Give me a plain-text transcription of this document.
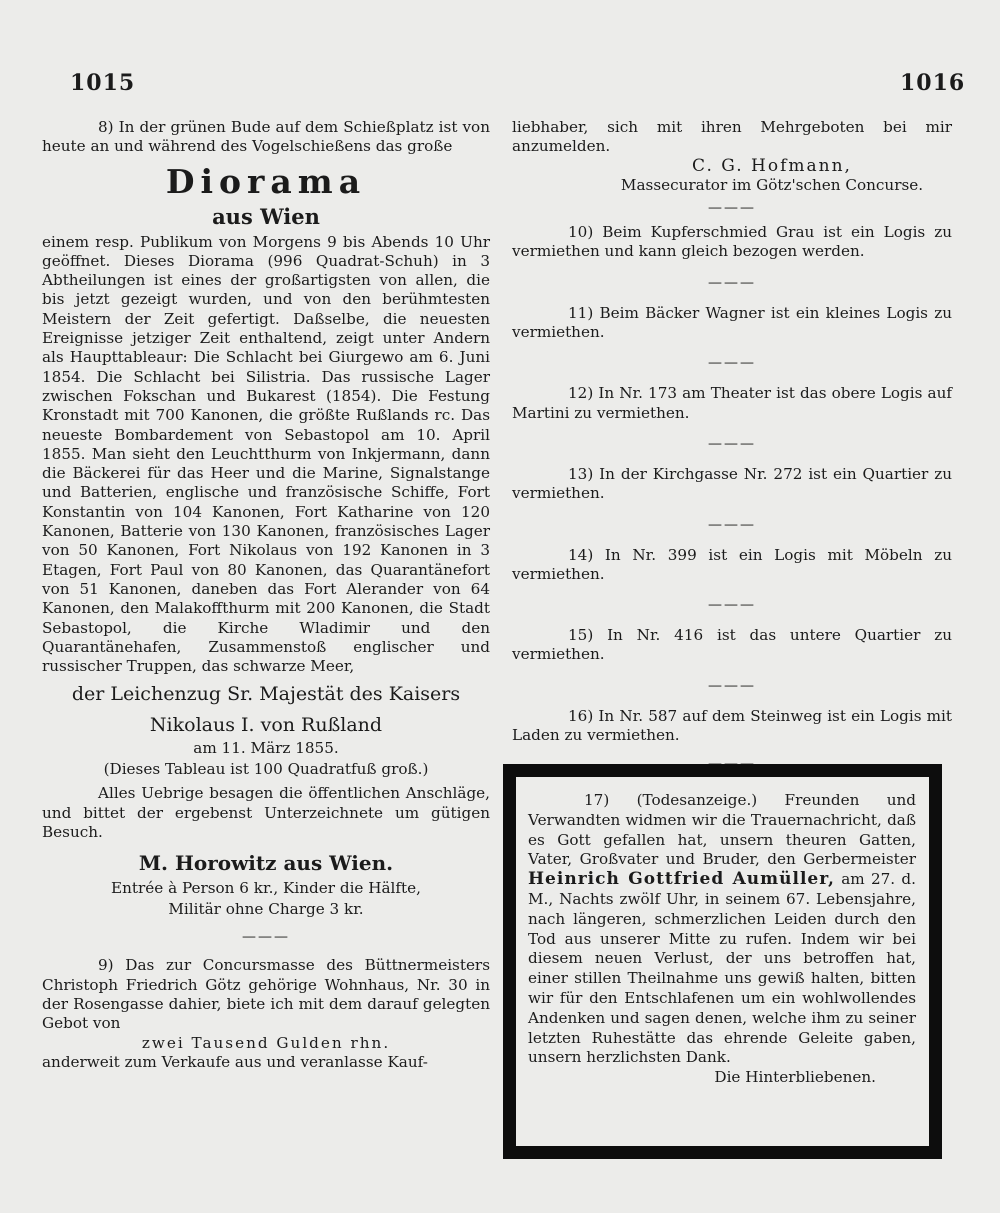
1015	1016

8) In der grünen Bude auf dem Schießplatz ist von heute an und während des Vogelschießens das große

Diorama

aus Wien

einem resp. Publikum von Morgens 9 bis Abends 10 Uhr geöffnet. Dieses Diorama (996 Quadrat-Schuh) in 3 Abtheilungen ist eines der großartigsten von allen, die bis jetzt gezeigt wurden, und von den berühmtesten Meistern der Zeit gefertigt. Daßselbe, die neuesten Ereignisse jetziger Zeit enthaltend, zeigt unter Andern als Haupttableaur: Die Schlacht bei Giurgewo am 6. Juni 1854. Die Schlacht bei Silistria. Das russische Lager zwischen Fokschan und Bukarest (1854). Die Festung Kronstadt mit 700 Kanonen, die größte Rußlands rc. Das neueste Bombardement von Sebastopol am 10. April 1855. Man sieht den Leuchtthurm von Inkjermann, dann die Bäckerei für das Heer und die Marine, Signalstange und Batterien, englische und französische Schiffe, Fort Konstantin von 104 Kanonen, Fort Katharine von 120 Kanonen, Batterie von 130 Kanonen, französisches Lager von 50 Kanonen, Fort Nikolaus von 192 Kanonen in 3 Etagen, Fort Paul von 80 Kanonen, das Quarantänefort von 51 Kanonen, daneben das Fort Alerander von 64 Kanonen, den Malakoffthurm mit 200 Kanonen, die Stadt Sebastopol, die Kirche Wladimir und den Quarantänehafen, Zusammenstoß englischer und russischer Truppen, das schwarze Meer,

der Leichenzug Sr. Majestät des Kaisers

Nikolaus I. von Rußland

am 11. März 1855.

(Dieses Tableau ist 100 Quadratfuß groß.)

Alles Uebrige besagen die öffentlichen Anschläge, und bittet der ergebenst Unterzeichnete um gütigen Besuch.

M. Horowitz aus Wien.

Entrée à Person 6 kr., Kinder die Hälfte,

Militär ohne Charge 3 kr.

———

9) Das zur Concursmasse des Büttnermeisters Christoph Friedrich Götz gehörige Wohnhaus, Nr. 30 in der Rosengasse dahier, biete ich mit dem darauf gelegten Gebot von

zwei Tausend Gulden rhn.

anderweit zum Verkaufe aus und veranlasse Kauf-

liebhaber, sich mit ihren Mehrgeboten bei mir anzumelden.

C. G. Hofmann,

Massecurator im Götz'schen Concurse.

———

10) Beim Kupferschmied Grau ist ein Logis zu vermiethen und kann gleich bezogen werden.

———

11) Beim Bäcker Wagner ist ein kleines Logis zu vermiethen.

———

12) In Nr. 173 am Theater ist das obere Logis auf Martini zu vermiethen.

———

13) In der Kirchgasse Nr. 272 ist ein Quartier zu vermiethen.

———

14) In Nr. 399 ist ein Logis mit Möbeln zu vermiethen.

———

15) In Nr. 416 ist das untere Quartier zu vermiethen.

———

16) In Nr. 587 auf dem Steinweg ist ein Logis mit Laden zu vermiethen.

———

17) (Todesanzeige.) Freunden und Verwandten widmen wir die Trauernachricht, daß es Gott gefallen hat, unsern theuren Gatten, Vater, Großvater und Bruder, den Gerbermeister Heinrich Gottfried Aumüller, am 27. d. M., Nachts zwölf Uhr, in seinem 67. Lebensjahre, nach längeren, schmerzlichen Leiden durch den Tod aus unserer Mitte zu rufen. Indem wir bei diesem neuen Verlust, der uns betroffen hat, einer stillen Theilnahme uns gewiß halten, bitten wir für den Entschlafenen um ein wohlwollendes Andenken und sagen denen, welche ihm zu seiner letzten Ruhestätte das ehrende Geleite gaben, unsern herzlichsten Dank.

Die Hinterbliebenen.
